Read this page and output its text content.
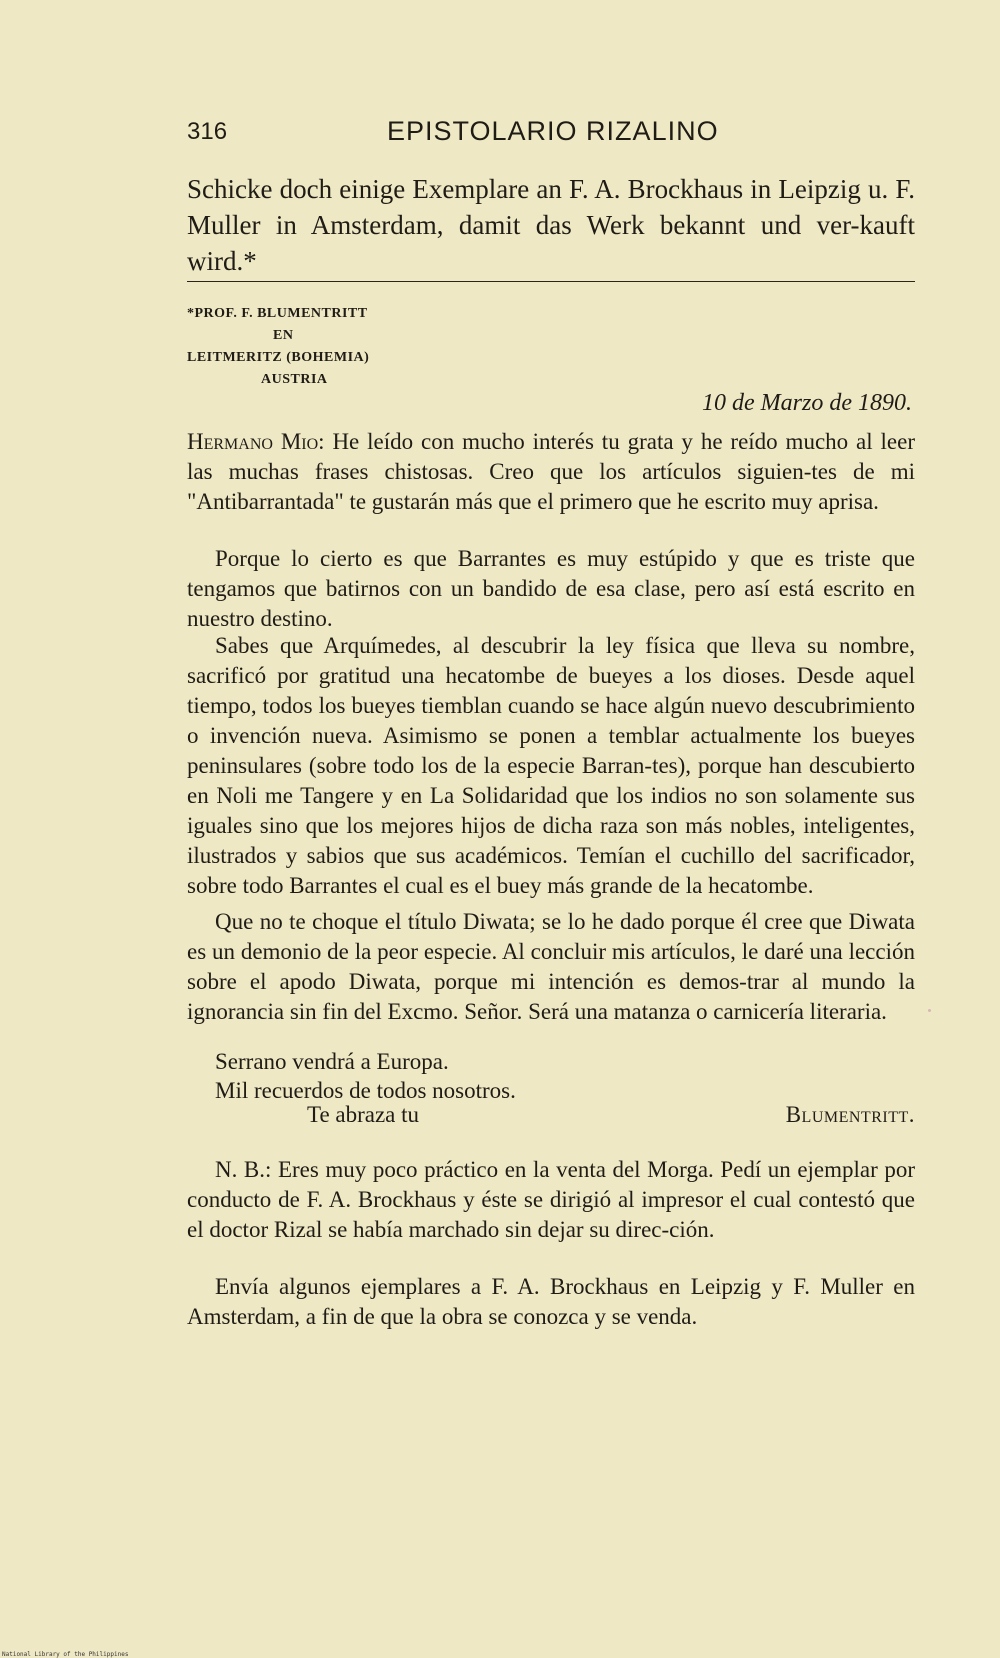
316	EPISTOLARIO RIZALINO

Schicke doch einige Exemplare an F. A. Brockhaus in Leipzig u. F. Muller in Amsterdam, damit das Werk bekannt und ver-kauft wird.*

*PROF. F. BLUMENTRITT
EN
LEITMERITZ (BOHEMIA)
AUSTRIA
10 de Marzo de 1890.

Hermano Mio: He leído con mucho interés tu grata y he reído mucho al leer las muchas frases chistosas. Creo que los artículos siguien-tes de mi "Antibarrantada" te gustarán más que el primero que he escrito muy aprisa.

Porque lo cierto es que Barrantes es muy estúpido y que es triste que tengamos que batirnos con un bandido de esa clase, pero así está escrito en nuestro destino.

Sabes que Arquímedes, al descubrir la ley física que lleva su nombre, sacrificó por gratitud una hecatombe de bueyes a los dioses. Desde aquel tiempo, todos los bueyes tiemblan cuando se hace algún nuevo descubrimiento o invención nueva. Asimismo se ponen a temblar actualmente los bueyes peninsulares (sobre todo los de la especie Barran-tes), porque han descubierto en Noli me Tangere y en La Solidaridad que los indios no son solamente sus iguales sino que los mejores hijos de dicha raza son más nobles, inteligentes, ilustrados y sabios que sus académicos. Temían el cuchillo del sacrificador, sobre todo Barrantes el cual es el buey más grande de la hecatombe.

Que no te choque el título Diwata; se lo he dado porque él cree que Diwata es un demonio de la peor especie. Al concluir mis artículos, le daré una lección sobre el apodo Diwata, porque mi intención es demos-trar al mundo la ignorancia sin fin del Excmo. Señor. Será una matanza o carnicería literaria.

Serrano vendrá a Europa.
Mil recuerdos de todos nosotros.
Te abraza tu	Blumentritt.

N. B.: Eres muy poco práctico en la venta del Morga. Pedí un ejemplar por conducto de F. A. Brockhaus y éste se dirigió al impresor el cual contestó que el doctor Rizal se había marchado sin dejar su direc-ción.

Envía algunos ejemplares a F. A. Brockhaus en Leipzig y F. Muller en Amsterdam, a fin de que la obra se conozca y se venda.

National Library of the Philippines
